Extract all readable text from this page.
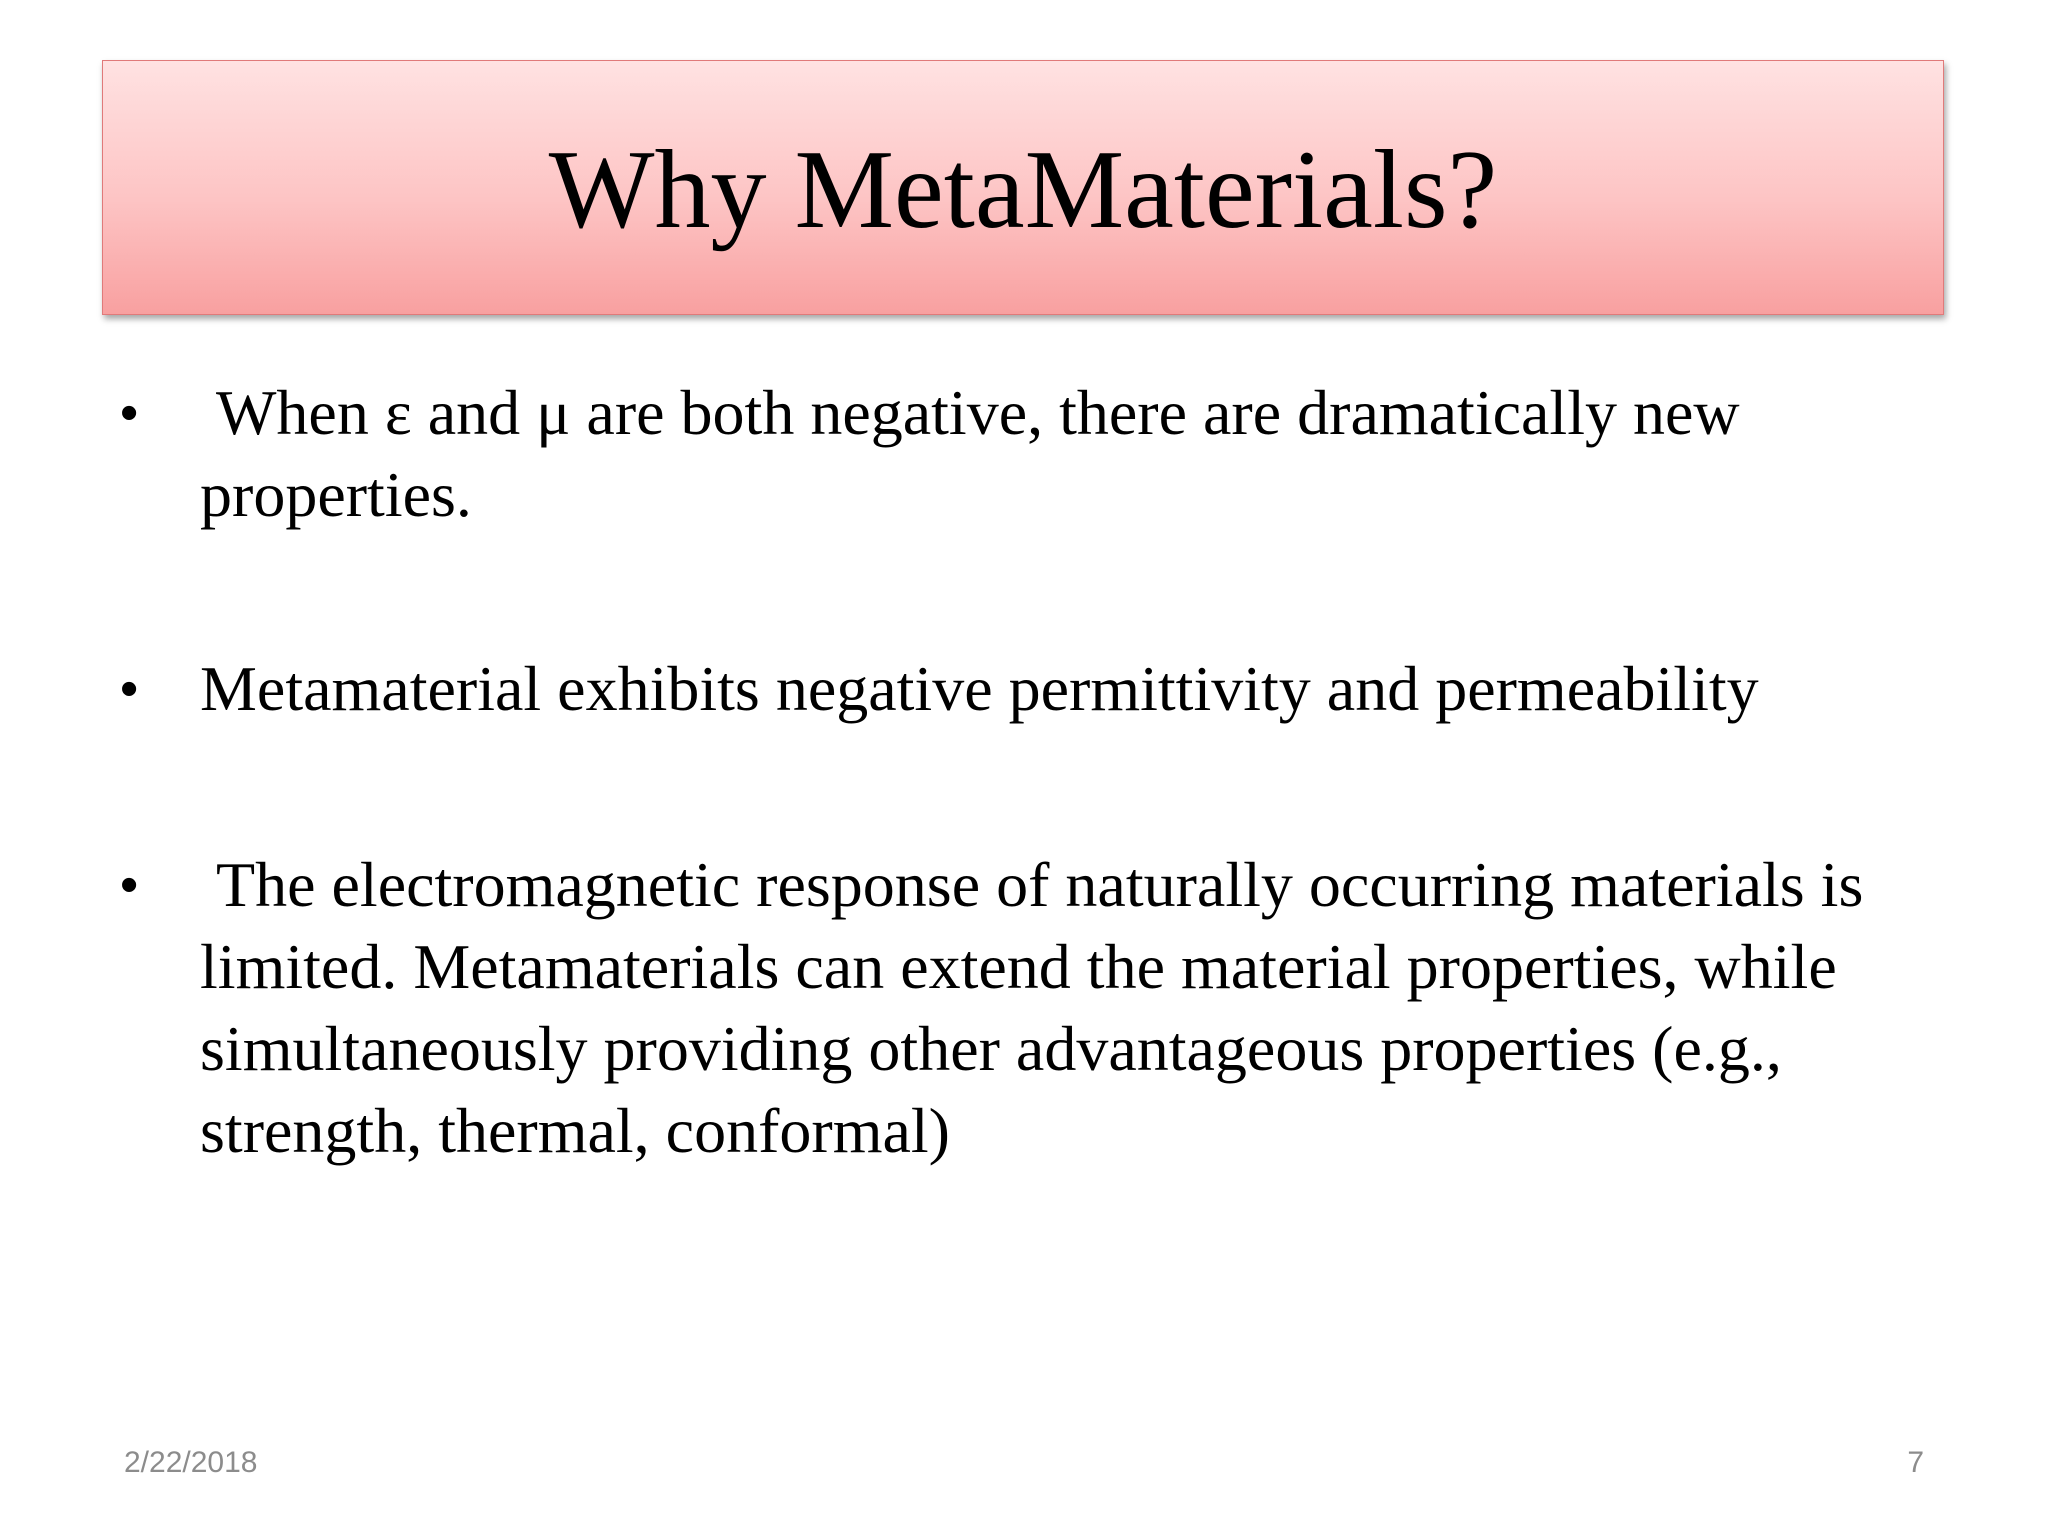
Why MetaMaterials?
•	When ε and μ are both negative, there are dramatically new properties.
• Metamaterial exhibits negative permittivity and permeability
•	The electromagnetic response of naturally occurring materials is limited. Metamaterials can extend the material properties, while simultaneously providing other advantageous properties (e.g., strength, thermal, conformal)
2/22/2018	7
